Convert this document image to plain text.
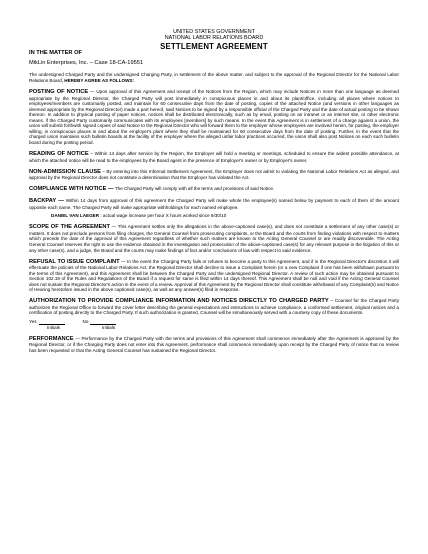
UNITED STATES GOVERNMENT
NATIONAL LABOR RELATIONS BOARD
SETTLEMENT AGREEMENT
IN THE MATTER OF
MikLin Enterprises, Inc. – Case 18-CA-19551

The undersigned Charged Party and the undersigned Charging Party, in settlement of the above matter, and subject to the approval of the Regional Director for the National Labor Relations Board, HEREBY AGREE AS FOLLOWS:

POSTING OF NOTICE — Upon approval of this Agreement and receipt of the Notices from the Region, which may include Notices in more than one language as deemed appropriate by the Regional Director, the Charged Party will post immediately in conspicuous places in and about its plant/office, including all places where notices to employees/members are customarily posted, and maintain for 60 consecutive days from the date of posting, copies of the attached Notice (and versions in other languages as deemed appropriate by the Regional Director) made a part hereof, said Notices to be signed by a responsible official of the Charged Party and the date of actual posting to be shown thereon. In addition to physical posting of paper notices, notices shall be distributed electronically, such as by email, posting on an intranet or an internet site, or other electronic means, if the Charged Party customarily communicates with its employees [members] by such means. In the event this Agreement is in settlement of a charge against a union, the union will submit forthwith signed copies of said Notice to the Regional Director who will forward them to the employer whose employees are involved herein, for posting, the employer willing, in conspicuous places in and about the employer's plant where they shall be maintained for 60 consecutive days from the date of posting. Further, in the event that the charged union maintains such bulletin boards at the facility of the employer where the alleged unfair labor practices occurred, the union shall also post Notices on each such bulletin board during the posting period.

READING OF NOTICE – Within 14 days after service by the Region, the Employer will hold a meeting or meetings, scheduled to ensure the widest possible attendance, at which the attached notice will be read to the employees by the Board agent in the presence of Employer's owner or by Employer's owner.

NON-ADMISSION CLAUSE – By entering into this Informal Settlement Agreement, the Employer does not admit to violating the National Labor Relations Act as alleged, and approval by the Regional Director does not constitute a determination that the Employer has violated the Act.

COMPLIANCE WITH NOTICE — The Charged Party will comply with all the terms and provisions of said Notice.

BACKPAY — Within 14 days from approval of this agreement the Charged Party will make whole the employee(s) named below by payment to each of them of the amount opposite each name. The Charged Party will make appropriate withholdings for each named employee.

DANIEL VAN LAEGER : actual wage increase per hour X hours worked since 9/30/10

SCOPE OF THE AGREEMENT — This Agreement settles only the allegations in the above-captioned case(s), and does not constitute a settlement of any other case(s) or matters. It does not preclude persons from filing charges, the General Counsel from prosecuting complaints, or the Board and the courts from finding violations with respect to matters which precede the date of the approval of this Agreement regardless of whether such matters are known to the Acting General Counsel or are readily discoverable. The Acting General Counsel reserves the right to use the evidence obtained in the investigation and prosecution of the above-captioned case(s) for any relevant purpose in the litigation of this or any other case(s), and a judge, the Board and the courts may make findings of fact and/or conclusions of law with respect to said evidence.

REFUSAL TO ISSUE COMPLAINT — In the event the Charging Party fails or refuses to become a party to this Agreement, and if in the Regional Director's discretion it will effectuate the policies of the National Labor Relations Act, the Regional Director shall decline to issue a Complaint herein (or a new Complaint if one has been withdrawn pursuant to the terms of this Agreement), and this Agreement shall be between the Charged Party and the undersigned Regional Director. A review of such action may be obtained pursuant to Section 102.19 of the Rules and Regulations of the Board if a request for same is filed within 14 days thereof. This Agreement shall be null and void if the Acting General Counsel does not sustain the Regional Director's action in the event of a review. Approval of this Agreement by the Regional Director shall constitute withdrawal of any Complaint(s) and Notice of Hearing heretofore issued in the above captioned case(s), as well as any answer(s) filed in response.

AUTHORIZATION TO PROVIDE COMPLIANCE INFORMATION AND NOTICES DIRECTLY TO CHARGED PARTY – Counsel for the Charged Party authorizes the Regional Office to forward the cover letter describing the general expectations and instructions to achieve compliance, a conformed settlement, original notices and a certification of posting directly to the Charged Party. If such authorization is granted, Counsel will be simultaneously served with a courtesy copy of these documents.

Yes	No
Initials	Initials

PERFORMANCE — Performance by the Charged Party with the terms and provisions of this Agreement shall commence immediately after the Agreement is approved by the Regional Director, or if the Charging Party does not enter into this Agreement, performance shall commence immediately upon receipt by the Charged Party of notice that no review has been requested or that the Acting General Counsel has sustained the Regional Director.
